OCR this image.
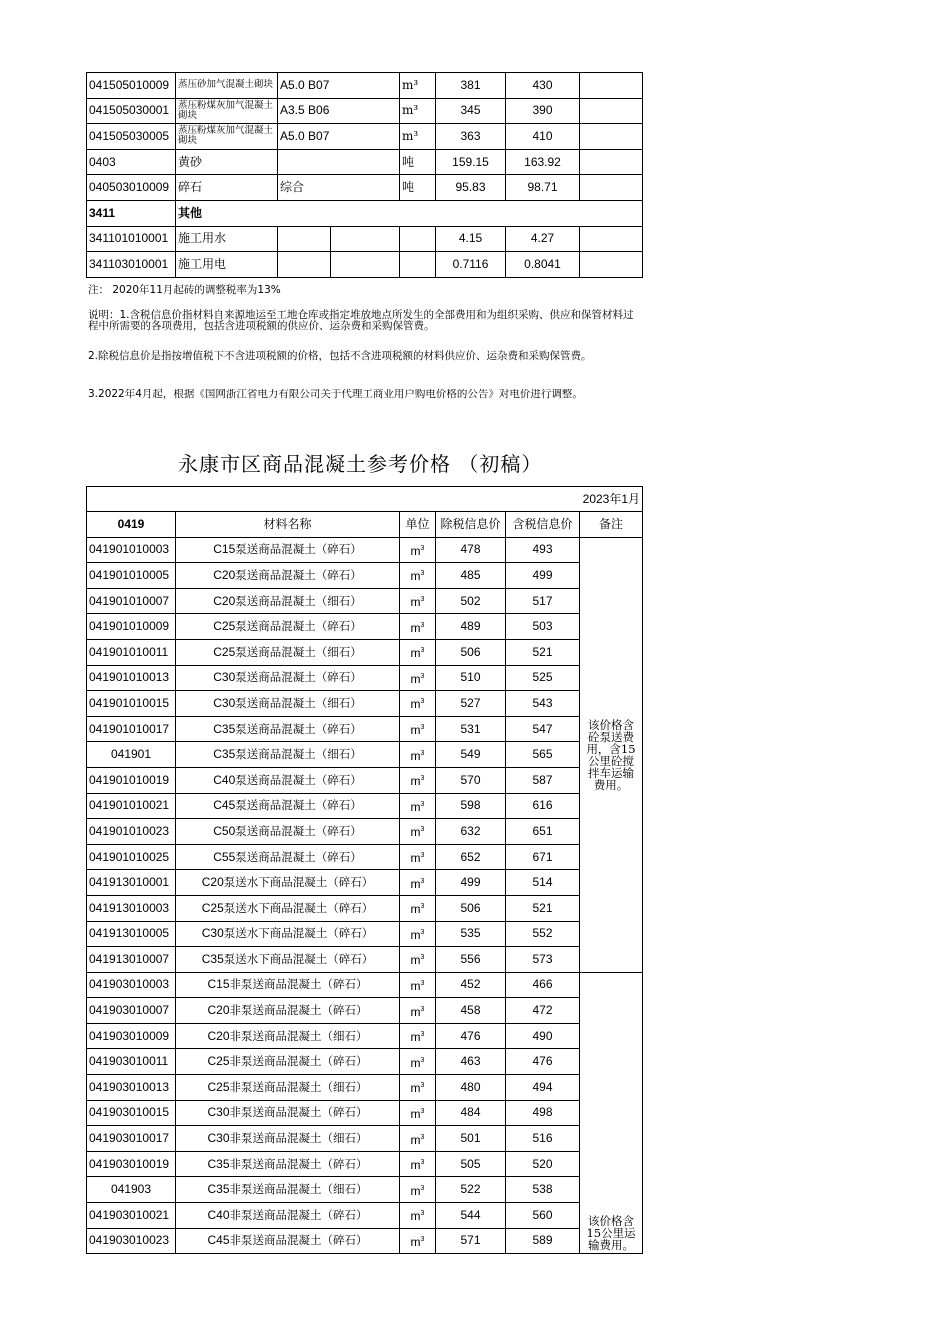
041505010009	蒸压砂加气混凝土砌块	A5.0 B07		m³	381	430	
041505030001	蒸压粉煤灰加气混凝土砌块	A3.5 B06		m³	345	390	
041505030005	蒸压粉煤灰加气混凝土砌块	A5.0 B07		m³	363	410	
0403	黄砂			吨	159.15	163.92	
040503010009	碎石	综合		吨	95.83	98.71	
3411	其他						
341101010001	施工用水				4.15	4.27	
341103010001	施工用电				0.7116	0.8041	
注： 2020年11月起砖的调整税率为13%
说明：1.含税信息价指材料自来源地运至工地仓库或指定堆放地点所发生的全部费用和为组织采购、供应和保管材料过程中所需要的各项费用，包括含进项税额的供应价、运杂费和采购保管费。
2.除税信息价是指按增值税下不含进项税额的价格，包括不含进项税额的材料供应价、运杂费和采购保管费。
3.2022年4月起，根据《国网浙江省电力有限公司关于代理工商业用户购电价格的公告》对电价进行调整。
永康市区商品混凝土参考价格 （初稿）
2023年1月					
0419	材料名称	单位	除税信息价	含税信息价	备注
041901010003	C15泵送商品混凝土（碎石）	$m^3$	478	493	该价格含砼泵送费用，含15公里砼搅拌车运输费用。
041901010005	C20泵送商品混凝土（碎石）	$m^3$	485	499	
041901010007	C20泵送商品混凝土（细石）	$m^3$	502	517	
041901010009	C25泵送商品混凝土（碎石）	$m^3$	489	503	
041901010011	C25泵送商品混凝土（细石）	$m^3$	506	521	
041901010013	C30泵送商品混凝土（碎石）	$m^3$	510	525	
041901010015	C30泵送商品混凝土（细石）	$m^3$	527	543	
041901010017	C35泵送商品混凝土（碎石）	$m^3$	531	547	
041901	C35泵送商品混凝土（细石）	$m^3$	549	565	
041901010019	C40泵送商品混凝土（碎石）	$m^3$	570	587	
041901010021	C45泵送商品混凝土（碎石）	$m^3$	598	616	
041901010023	C50泵送商品混凝土（碎石）	$m^3$	632	651	
041901010025	C55泵送商品混凝土（碎石）	$m^3$	652	671	
041913010001	C20泵送水下商品混凝土（碎石）	$m^3$	499	514	
041913010003	C25泵送水下商品混凝土（碎石）	$m^3$	506	521	
041913010005	C30泵送水下商品混凝土（碎石）	$m^3$	535	552	
041913010007	C35泵送水下商品混凝土（碎石）	$m^3$	556	573	
041903010003	C15非泵送商品混凝土（碎石）	$m^3$	452	466	该价格含15公里运输费用。
041903010007	C20非泵送商品混凝土（碎石）	$m^3$	458	472	
041903010009	C20非泵送商品混凝土（细石）	$m^3$	476	490	
041903010011	C25非泵送商品混凝土（碎石）	$m^3$	463	476	
041903010013	C25非泵送商品混凝土（细石）	$m^3$	480	494	
041903010015	C30非泵送商品混凝土（碎石）	$m^3$	484	498	
041903010017	C30非泵送商品混凝土（细石）	$m^3$	501	516	
041903010019	C35非泵送商品混凝土（碎石）	$m^3$	505	520	
041903	C35非泵送商品混凝土（细石）	$m^3$	522	538	
041903010021	C40非泵送商品混凝土（碎石）	$m^3$	544	560	
041903010023	C45非泵送商品混凝土（碎石）	$m^3$	571	589	
